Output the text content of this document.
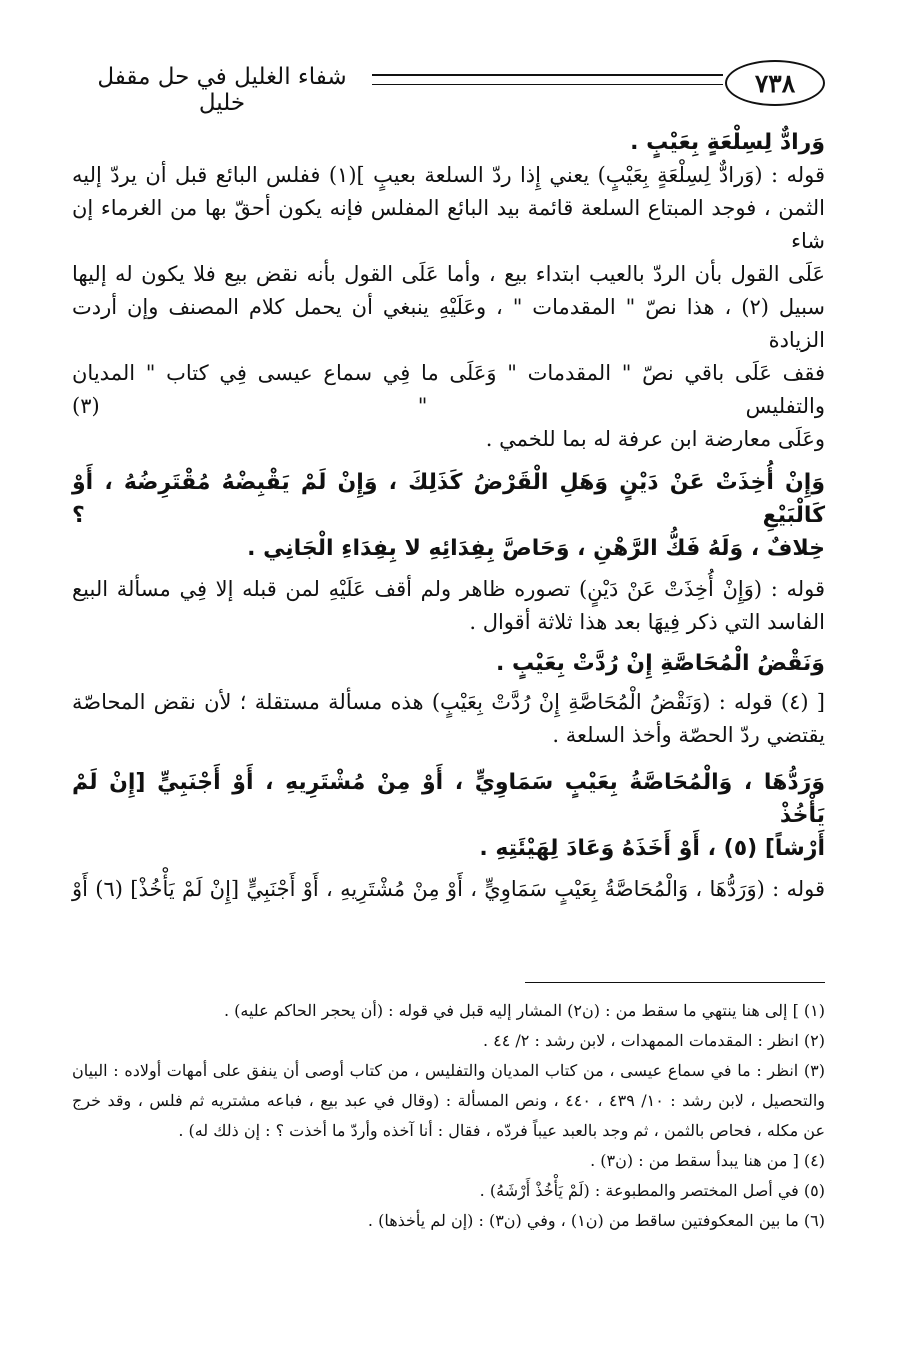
٧٣٨
شفاء الغليل في حل مقفل خليل

وَرادٌّ لِسِلْعَةٍ بِعَيْبٍ .

قوله : (وَرادٌّ لِسِلْعَةٍ بِعَيْبٍ) يعني إِذا ردّ السلعة بعيبٍ ](١) ففلس البائع قبل أن يردّ إليه

الثمن ، فوجد المبتاع السلعة قائمة بيد البائع المفلس فإنه يكون أحقّ بها من الغرماء إن شاء

عَلَى القول بأن الردّ بالعيب ابتداء بيع ، وأما عَلَى القول بأنه نقض بيع فلا يكون له إليها

سبيل (٢) ، هذا نصّ " المقدمات " ، وعَلَيْهِ ينبغي أن يحمل كلام المصنف وإن أردت الزيادة

فقف عَلَى باقي نصّ " المقدمات " وَعَلَى ما فِي سماع عيسى فِي كتاب " المديان والتفليس " (٣)

وعَلَى معارضة ابن عرفة له بما للخمي .

وَإِنْ أُخِذَتْ عَنْ دَيْنٍ وَهَلِ الْقَرْضُ كَذَلِكَ ، وَإِنْ لَمْ يَقْبِضْهُ مُقْتَرِضُهُ ، أَوْ كَالْبَيْعِ ؟

خِلافٌ ، وَلَهُ فَكُّ الرَّهْنِ ، وَحَاصَّ بِفِدَائِهِ لا بِفِدَاءِ الْجَانِي .

قوله : (وَإِنْ أُخِذَتْ عَنْ دَيْنٍ) تصوره ظاهر ولم أقف عَلَيْهِ لمن قبله إلا فِي مسألة البيع

الفاسد التي ذكر فِيهَا بعد هذا ثلاثة أقوال .

وَنَقْضُ الْمُحَاصَّةِ إِنْ رُدَّتْ بِعَيْبٍ .

[ (٤) قوله : (وَنَقْضُ الْمُحَاصَّةِ إِنْ رُدَّتْ بِعَيْبٍ) هذه مسألة مستقلة ؛ لأن نقض المحاصّة

يقتضي ردّ الحصّة وأخذ السلعة .

وَرَدُّهَا ، وَالْمُحَاصَّةُ بِعَيْبٍ سَمَاوِيٍّ ، أَوْ مِنْ مُشْتَرِيهِ ، أَوْ أَجْنَبِيٍّ [إِنْ لَمْ يَأْخُذْ

أَرْشاً] (٥) ، أَوْ أَخَذَهُ وَعَادَ لِهَيْئَتِهِ .

قوله : (وَرَدُّهَا ، وَالْمُحَاصَّةُ بِعَيْبٍ سَمَاوِيٍّ ، أَوْ مِنْ مُشْتَرِيهِ ، أَوْ أَجْنَبِيٍّ [إِنْ لَمْ يَأْخُذْ] (٦) أَوْ

(١) ] إلى هنا ينتهي ما سقط من : (ن٢) المشار إليه قبل في قوله : (أن يحجر الحاكم عليه) .

(٢) انظر : المقدمات الممهدات ، لابن رشد : ٢/ ٤٤ .

(٣) انظر : ما في سماع عيسى ، من كتاب المديان والتفليس ، من كتاب أوصى أن ينفق على أمهات أولاده : البيان

والتحصيل ، لابن رشد : ١٠/ ٤٣٩ ، ٤٤٠ ، ونص المسألة : (وقال في عبد بيع ، فباعه مشتريه ثم فلس ، وقد خرج

عن مكله ، فحاص بالثمن ، ثم وجد بالعبد عيباً فردّه ، فقال : أنا آخذه وأردّ ما أخذت ؟ : إن ذلك له) .

(٤) [ من هنا يبدأ سقط من : (ن٣) .

(٥) في أصل المختصر والمطبوعة : (لَمْ يَأْخُذْ أَرْشَهُ) .

(٦) ما بين المعكوفتين ساقط من (ن١) ، وفي (ن٣) : (إن لم يأخذها) .
